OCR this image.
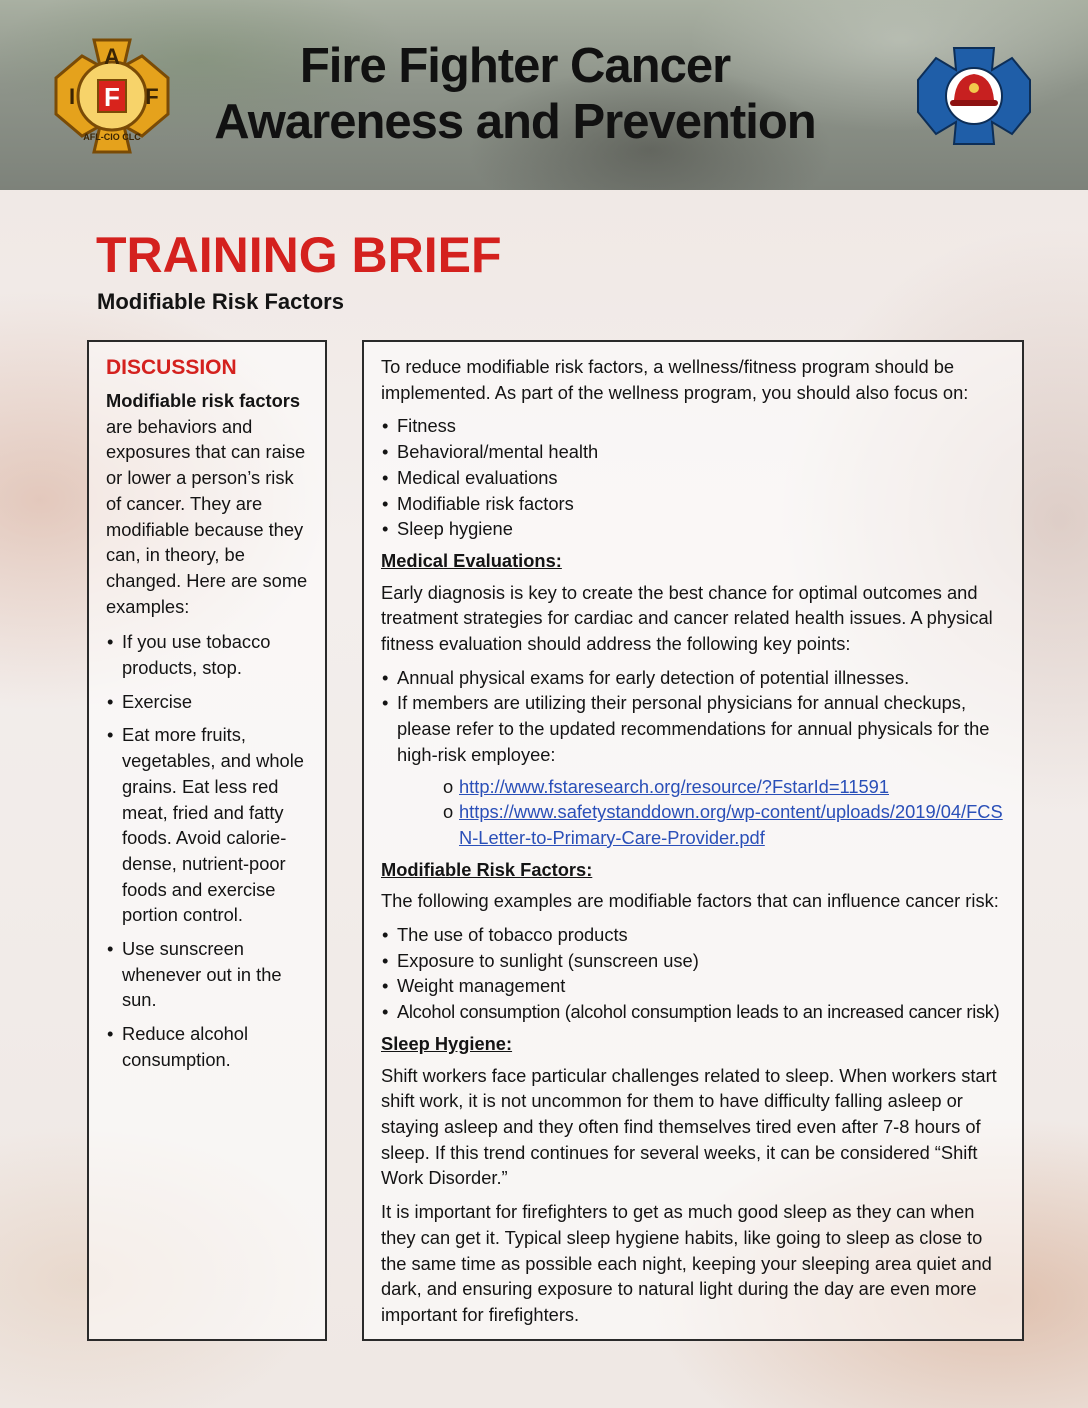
F
A
I	F
AFL-CIO CLC
Fire Fighter Cancer
Awareness and Prevention
TRAINING BRIEF
Modifiable Risk Factors
DISCUSSION
Modifiable risk factors are behaviors and exposures that can raise or lower a person’s risk of cancer. They are modifiable because they can, in theory, be changed. Here are some examples:
• If you use tobacco products, stop.
• Exercise
• Eat more fruits, vegetables, and whole grains. Eat less red meat, fried and fatty foods. Avoid calorie-dense, nutrient-poor foods and exercise portion control.
• Use sunscreen whenever out in the sun.
• Reduce alcohol consumption.

To reduce modifiable risk factors, a wellness/fitness program should be implemented. As part of the wellness program, you should also focus on:

• Fitness
• Behavioral/mental health
• Medical evaluations
• Modifiable risk factors
• Sleep hygiene
Medical Evaluations:

Early diagnosis is key to create the best chance for optimal outcomes and treatment strategies for cardiac and cancer related health issues. A physical fitness evaluation should address the following key points:

• Annual physical exams for early detection of potential illnesses.
• If members are utilizing their personal physicians for annual checkups, please refer to the updated recommendations for annual physicals for the high-risk employee:
o http://www.fstaresearch.org/resource/?FstarId=11591
o https://www.safetystanddown.org/wp-content/uploads/2019/04/FCSN-Letter-to-Primary-Care-Provider.pdf
Modifiable Risk Factors:

The following examples are modifiable factors that can influence cancer risk:

• The use of tobacco products
• Exposure to sunlight (sunscreen use)
• Weight management
• Alcohol consumption (alcohol consumption leads to an increased cancer risk)
Sleep Hygiene:

Shift workers face particular challenges related to sleep. When workers start shift work, it is not uncommon for them to have difficulty falling asleep or staying asleep and they often find themselves tired even after 7-8 hours of sleep. If this trend continues for several weeks, it can be considered “Shift Work Disorder.”

It is important for firefighters to get as much good sleep as they can when they can get it. Typical sleep hygiene habits, like going to sleep as close to the same time as possible each night, keeping your sleeping area quiet and dark, and ensuring exposure to natural light during the day are even more important for firefighters.
